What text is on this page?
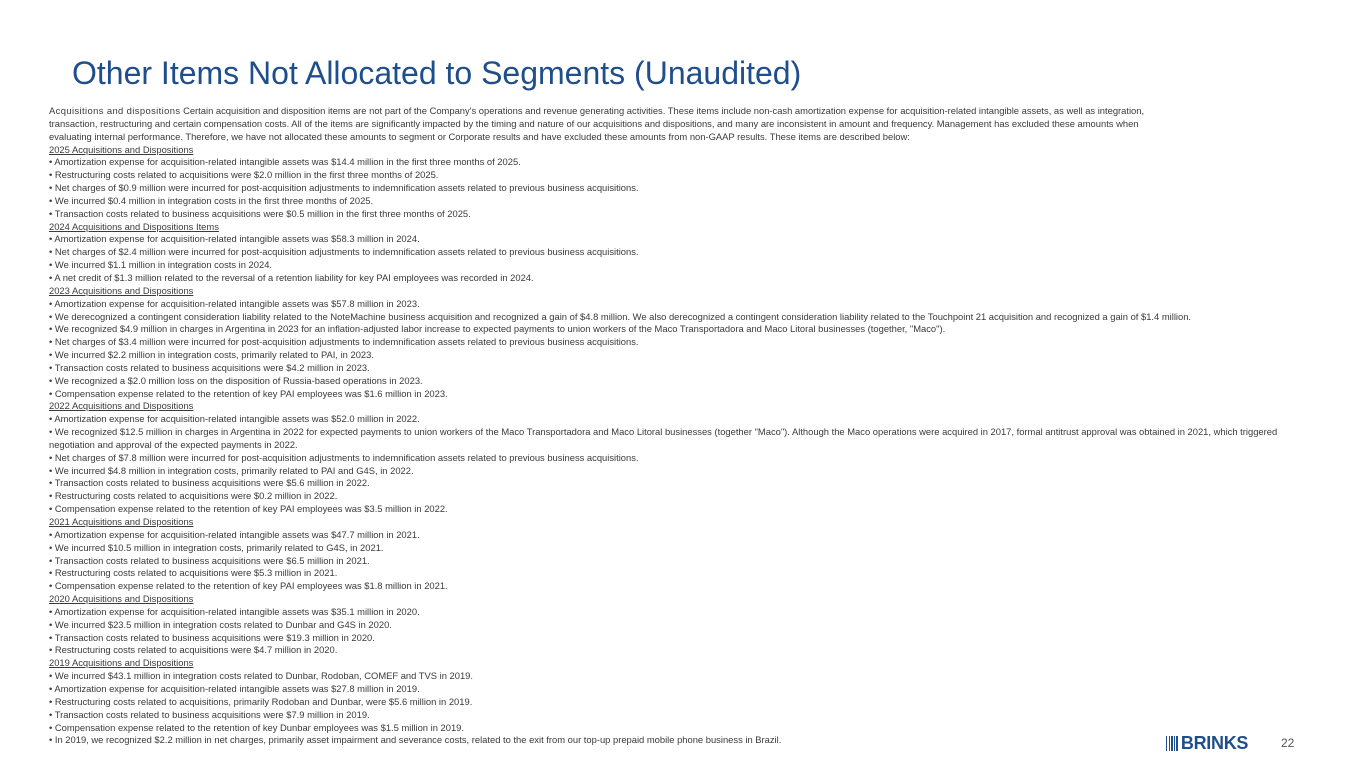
Other Items Not Allocated to Segments (Unaudited)
Acquisitions and dispositions Certain acquisition and disposition items are not part of the Company's operations and revenue generating activities. These items include non-cash amortization expense for acquisition-related intangible assets, as well as integration,
transaction, restructuring and certain compensation costs. All of the items are significantly impacted by the timing and nature of our acquisitions and dispositions, and many are inconsistent in amount and frequency. Management has excluded these amounts when
evaluating internal performance. Therefore, we have not allocated these amounts to segment or Corporate results and have excluded these amounts from non-GAAP results. These items are described below:
2025 Acquisitions and Dispositions
• Amortization expense for acquisition-related intangible assets was $14.4 million in the first three months of 2025.
• Restructuring costs related to acquisitions were $2.0 million in the first three months of 2025.
• Net charges of $0.9 million were incurred for post-acquisition adjustments to indemnification assets related to previous business acquisitions.
• We incurred $0.4 million in integration costs in the first three months of 2025.
• Transaction costs related to business acquisitions were $0.5 million in the first three months of 2025.
2024 Acquisitions and Dispositions Items
• Amortization expense for acquisition-related intangible assets was $58.3 million in 2024.
• Net charges of $2.4 million were incurred for post-acquisition adjustments to indemnification assets related to previous business acquisitions.
• We incurred $1.1 million in integration costs in 2024.
• A net credit of $1.3 million related to the reversal of a retention liability for key PAI employees was recorded in 2024.
2023 Acquisitions and Dispositions
• Amortization expense for acquisition-related intangible assets was $57.8 million in 2023.
• We derecognized a contingent consideration liability related to the NoteMachine business acquisition and recognized a gain of $4.8 million. We also derecognized a contingent consideration liability related to the Touchpoint 21 acquisition and recognized a gain of $1.4 million.
• We recognized $4.9 million in charges in Argentina in 2023 for an inflation-adjusted labor increase to expected payments to union workers of the Maco Transportadora and Maco Litoral businesses (together, "Maco").
• Net charges of $3.4 million were incurred for post-acquisition adjustments to indemnification assets related to previous business acquisitions.
• We incurred $2.2 million in integration costs, primarily related to PAI, in 2023.
• Transaction costs related to business acquisitions were $4.2 million in 2023.
• We recognized a $2.0 million loss on the disposition of Russia-based operations in 2023.
• Compensation expense related to the retention of key PAI employees was $1.6 million in 2023.
2022 Acquisitions and Dispositions
• Amortization expense for acquisition-related intangible assets was $52.0 million in 2022.
• We recognized $12.5 million in charges in Argentina in 2022 for expected payments to union workers of the Maco Transportadora and Maco Litoral businesses (together "Maco"). Although the Maco operations were acquired in 2017, formal antitrust approval was obtained in 2021, which triggered negotiation and approval of the expected payments in 2022.
• Net charges of $7.8 million were incurred for post-acquisition adjustments to indemnification assets related to previous business acquisitions.
• We incurred $4.8 million in integration costs, primarily related to PAI and G4S, in 2022.
• Transaction costs related to business acquisitions were $5.6 million in 2022.
• Restructuring costs related to acquisitions were $0.2 million in 2022.
• Compensation expense related to the retention of key PAI employees was $3.5 million in 2022.
2021 Acquisitions and Dispositions
• Amortization expense for acquisition-related intangible assets was $47.7 million in 2021.
• We incurred $10.5 million in integration costs, primarily related to G4S, in 2021.
• Transaction costs related to business acquisitions were $6.5 million in 2021.
• Restructuring costs related to acquisitions were $5.3 million in 2021.
• Compensation expense related to the retention of key PAI employees was $1.8 million in 2021.
2020 Acquisitions and Dispositions
• Amortization expense for acquisition-related intangible assets was $35.1 million in 2020.
• We incurred $23.5 million in integration costs related to Dunbar and G4S in 2020.
• Transaction costs related to business acquisitions were $19.3 million in 2020.
• Restructuring costs related to acquisitions were $4.7 million in 2020.
2019 Acquisitions and Dispositions
• We incurred $43.1 million in integration costs related to Dunbar, Rodoban, COMEF and TVS in 2019.
• Amortization expense for acquisition-related intangible assets was $27.8 million in 2019.
• Restructuring costs related to acquisitions, primarily Rodoban and Dunbar, were $5.6 million in 2019.
• Transaction costs related to business acquisitions were $7.9 million in 2019.
• Compensation expense related to the retention of key Dunbar employees was $1.5 million in 2019.
• In 2019, we recognized $2.2 million in net charges, primarily asset impairment and severance costs, related to the exit from our top-up prepaid mobile phone business in Brazil.	BRINKS	22
